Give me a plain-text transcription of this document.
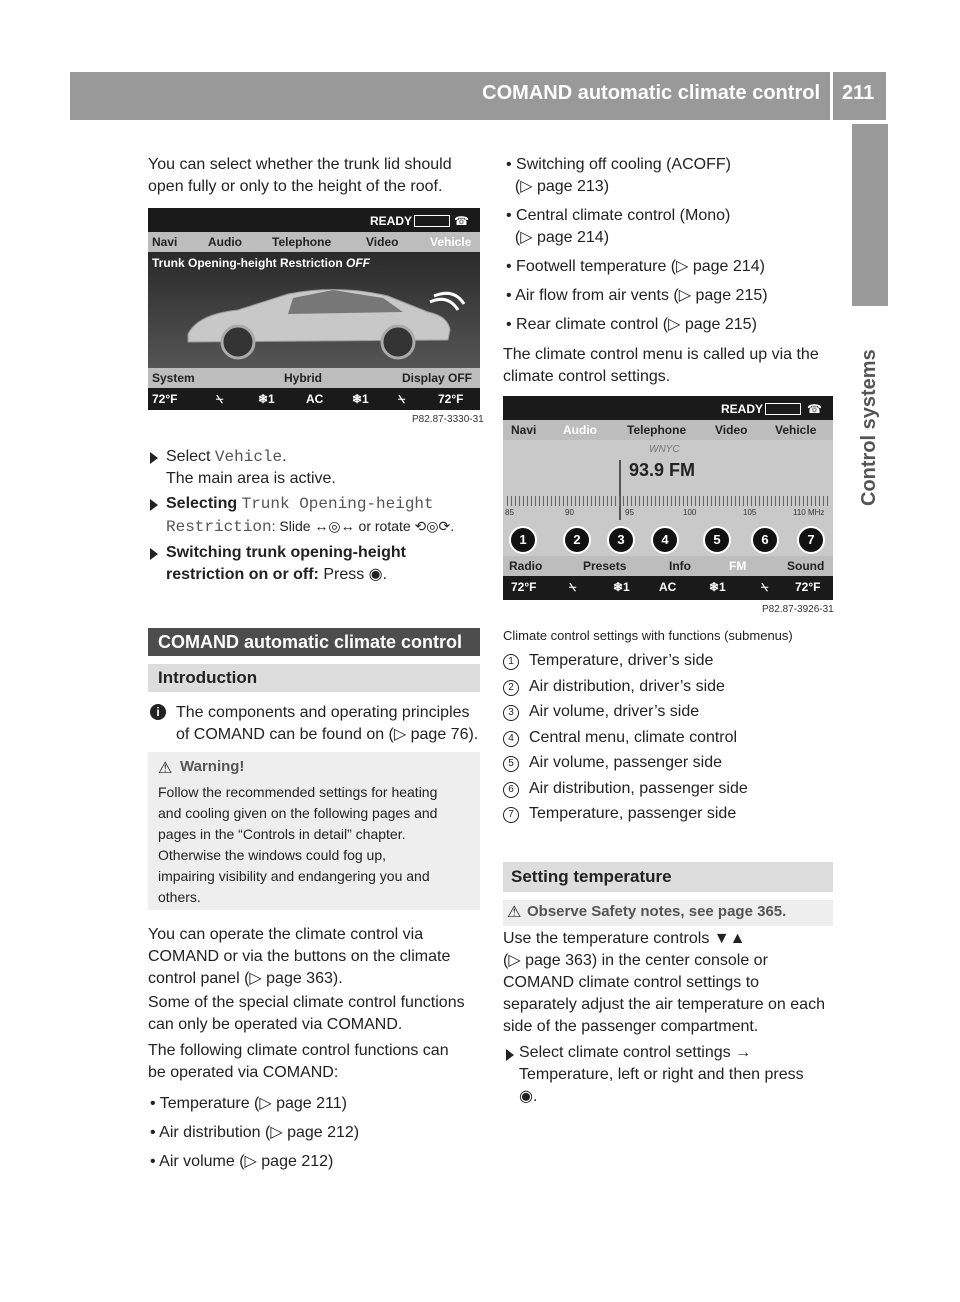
COMAND automatic climate control 211
Control systems
You can select whether the trunk lid should open fully or only to the height of the roof.
READY	☎
Navi	Audio	Telephone	Video	Vehicle
Trunk Opening-height Restriction OFF
System	Hybrid	Display OFF
72°F	⍀	❄1	AC ❄1 ⍀	72°F
P82.87-3330-31
Select Vehicle.
The main area is active.
Selecting Trunk Opening-height
Restriction: Slide ↔◎↔ or rotate ⟲◎⟳.
Switching trunk opening-height
restriction on or off: Press ◉.
COMAND automatic climate control
Introduction
i	The components and operating principles
of COMAND can be found on (▷ page 76).
⚠ Warning!
Follow the recommended settings for heating
and cooling given on the following pages and
pages in the “Controls in detail” chapter.
Otherwise the windows could fog up,
impairing visibility and endangering you and
others.
You can operate the climate control via
COMAND or via the buttons on the climate
control panel (▷ page 363).
Some of the special climate control functions
can only be operated via COMAND.
The following climate control functions can
be operated via COMAND:
• Temperature (▷ page 211)
• Air distribution (▷ page 212)
• Air volume (▷ page 212)
• Switching off cooling (ACOFF)
(▷ page 213)
• Central climate control (Mono)
(▷ page 214)
• Footwell temperature (▷ page 214)
• Air flow from air vents (▷ page 215)
• Rear climate control (▷ page 215)
The climate control menu is called up via the
climate control settings.
READY	☎
Navi Audio	Telephone Video Vehicle
WNYC
93.9 FM
85	90	95	100	105	110 MHz
Radio	Presets	Info	FM	Sound
72°F	⍀	❄1 AC	❄1	⍀ 72°F
1	2	3	4	5	6	7
P82.87-3926-31
Climate control settings with functions (submenus)
1 Temperature, driver’s side
2 Air distribution, driver’s side
3 Air volume, driver’s side
4 Central menu, climate control
5 Air volume, passenger side
6 Air distribution, passenger side
7 Temperature, passenger side
Setting temperature
⚠ Observe Safety notes, see page 365.
Use the temperature controls ▼▲
(▷ page 363) in the center console or
COMAND climate control settings to
separately adjust the air temperature on each
side of the passenger compartment.
Select climate control settings →
Temperature, left or right and then press
◉.
